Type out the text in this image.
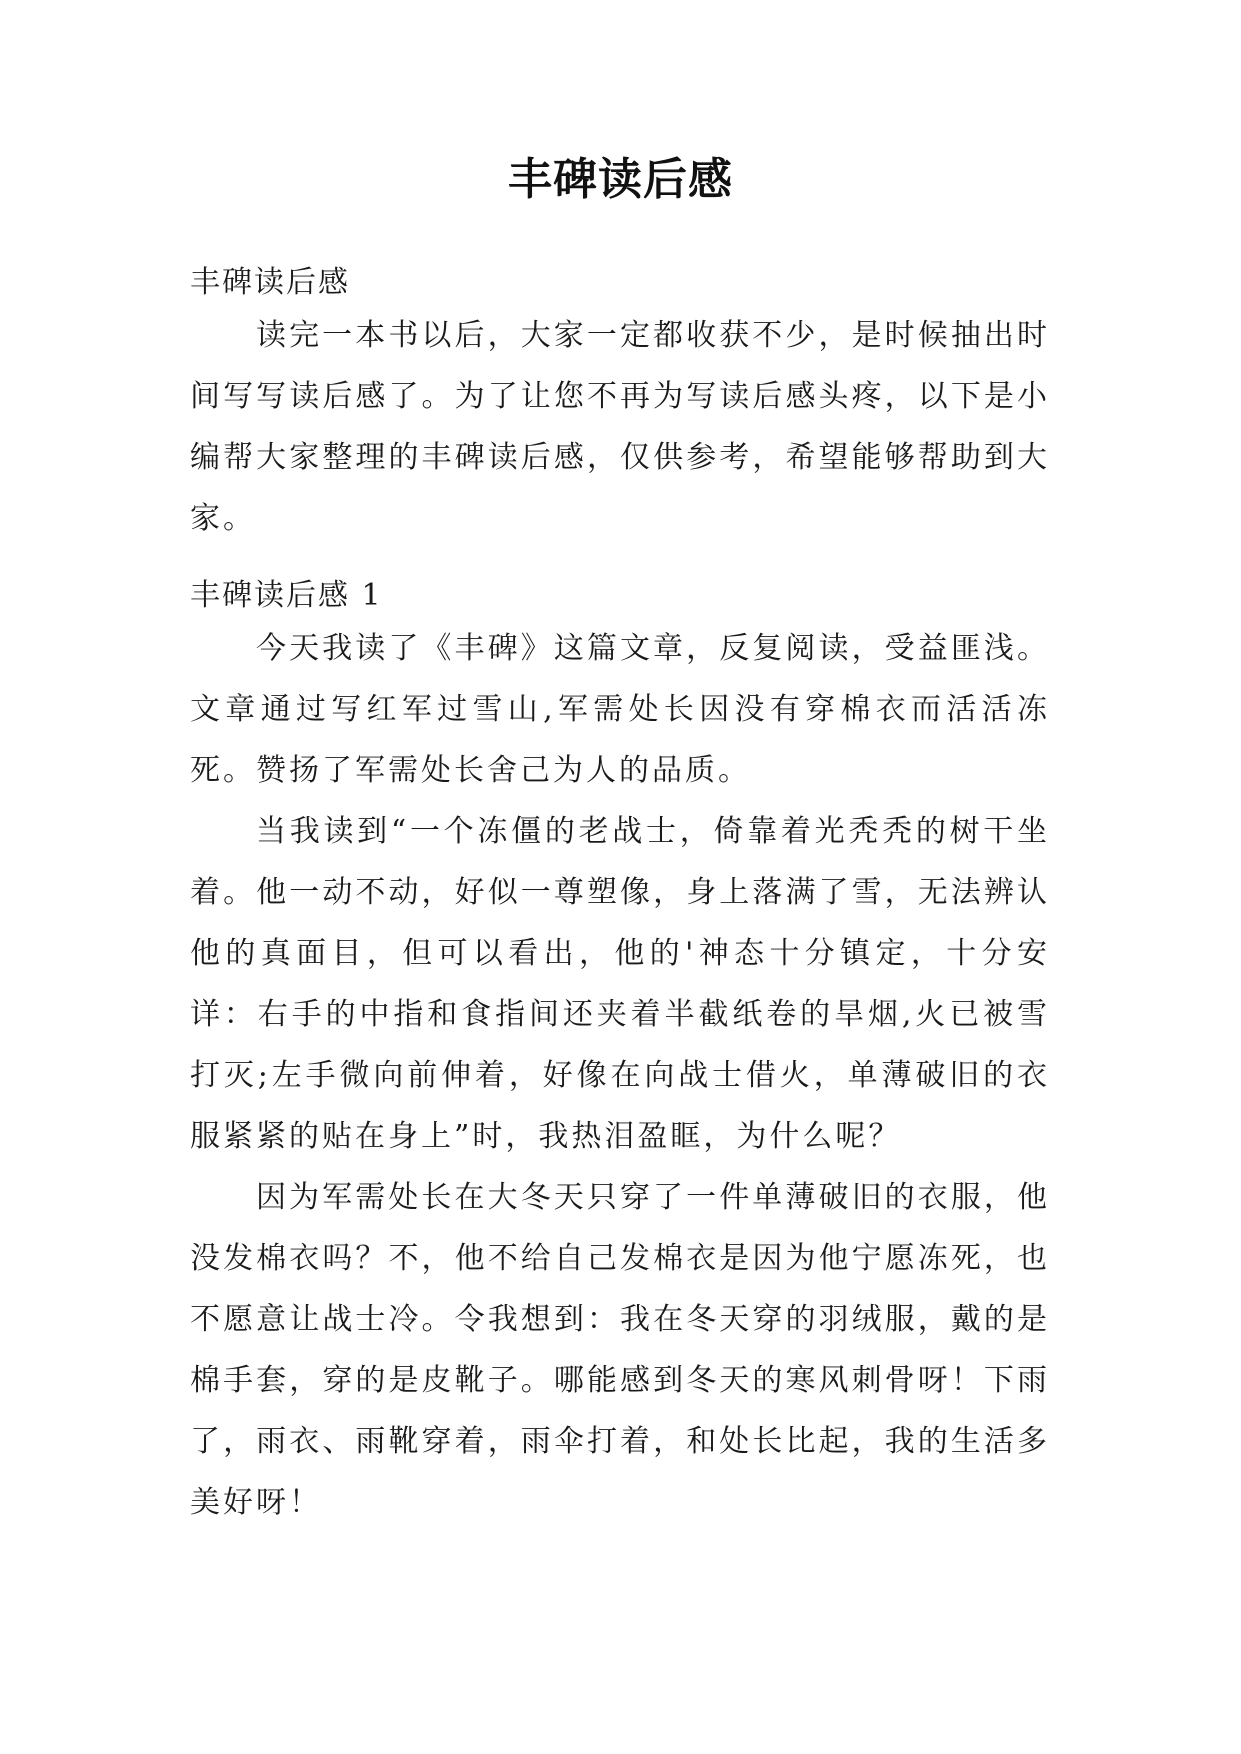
丰碑读后感
丰碑读后感

读完一本书以后，大家一定都收获不少，是时候抽出时间写写读后感了。为了让您不再为写读后感头疼，以下是小编帮大家整理的丰碑读后感，仅供参考，希望能够帮助到大家。

丰碑读后感 1

今天我读了《丰碑》这篇文章，反复阅读，受益匪浅。文章通过写红军过雪山,军需处长因没有穿棉衣而活活冻死。赞扬了军需处长舍己为人的品质。

当我读到“一个冻僵的老战士，倚靠着光秃秃的树干坐着。他一动不动，好似一尊塑像，身上落满了雪，无法辨认他的真面目，但可以看出，他的'神态十分镇定，十分安详：右手的中指和食指间还夹着半截纸卷的旱烟,火已被雪打灭;左手微向前伸着，好像在向战士借火，单薄破旧的衣服紧紧的贴在身上”时，我热泪盈眶，为什么呢？

因为军需处长在大冬天只穿了一件单薄破旧的衣服，他没发棉衣吗？不，他不给自己发棉衣是因为他宁愿冻死，也不愿意让战士冷。令我想到：我在冬天穿的羽绒服，戴的是棉手套，穿的是皮靴子。哪能感到冬天的寒风刺骨呀！下雨了，雨衣、雨靴穿着，雨伞打着，和处长比起，我的生活多美好呀！
